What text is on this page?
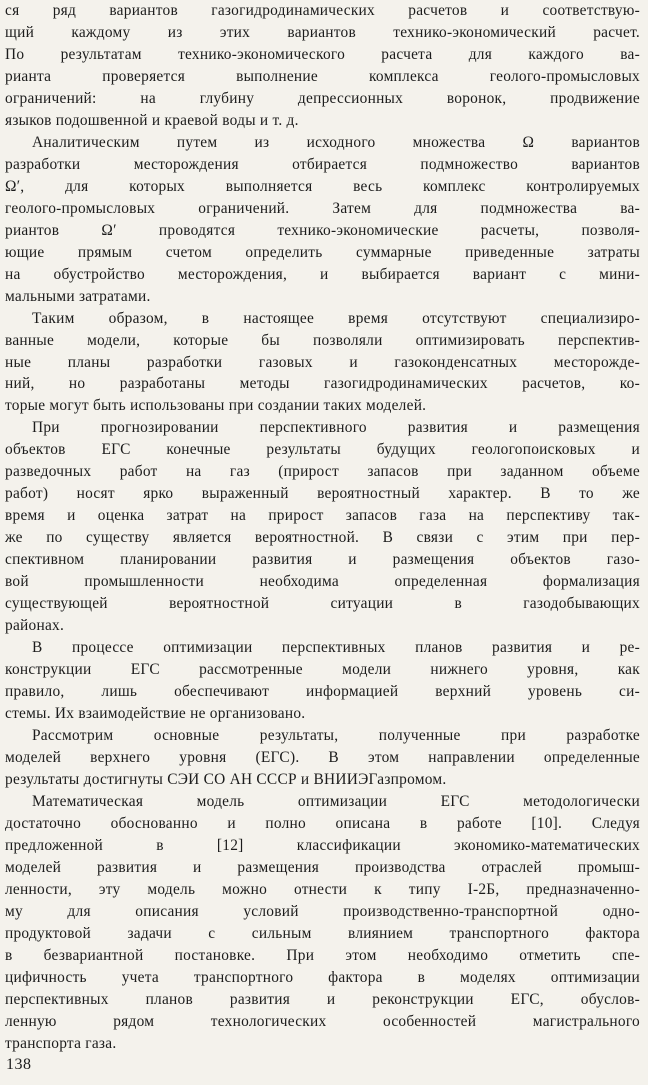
ся ряд вариантов газогидродинамических расчетов и соответствую-
щий каждому из этих вариантов технико-экономический расчет.
По результатам технико-экономического расчета для каждого ва-
рианта проверяется выполнение комплекса геолого-промысловых
ограничений: на глубину депрессионных воронок, продвижение
языков подошвенной и краевой воды и т. д.
Аналитическим путем из исходного множества Ω вариантов
разработки месторождения отбирается подмножество вариантов
Ω′, для которых выполняется весь комплекс контролируемых
геолого-промысловых ограничений. Затем для подмножества ва-
риантов Ω′ проводятся технико-экономические расчеты, позволя-
ющие прямым счетом определить суммарные приведенные затраты
на обустройство месторождения, и выбирается вариант с мини-
мальными затратами.
Таким образом, в настоящее время отсутствуют специализиро-
ванные модели, которые бы позволяли оптимизировать перспектив-
ные планы разработки газовых и газоконденсатных месторожде-
ний, но разработаны методы газогидродинамических расчетов, ко-
торые могут быть использованы при создании таких моделей.
При прогнозировании перспективного развития и размещения
объектов ЕГС конечные результаты будущих геологопоисковых и
разведочных работ на газ (прирост запасов при заданном объеме
работ) носят ярко выраженный вероятностный характер. В то же
время и оценка затрат на прирост запасов газа на перспективу так-
же по существу является вероятностной. В связи с этим при пер-
спективном планировании развития и размещения объектов газо-
вой промышленности необходима определенная формализация
существующей вероятностной ситуации в газодобывающих
районах.
В процессе оптимизации перспективных планов развития и ре-
конструкции ЕГС рассмотренные модели нижнего уровня, как
правило, лишь обеспечивают информацией верхний уровень си-
стемы. Их взаимодействие не организовано.
Рассмотрим основные результаты, полученные при разработке
моделей верхнего уровня (ЕГС). В этом направлении определенные
результаты достигнуты СЭИ СО АН СССР и ВНИИЭГазпромом.
Математическая модель оптимизации ЕГС методологически
достаточно обоснованно и полно описана в работе [10]. Следуя
предложенной в [12] классификации экономико-математических
моделей развития и размещения производства отраслей промыш-
ленности, эту модель можно отнести к типу I-2Б, предназначенно-
му для описания условий производственно-транспортной одно-
продуктовой задачи с сильным влиянием транспортного фактора
в безвариантной постановке. При этом необходимо отметить спе-
цифичность учета транспортного фактора в моделях оптимизации
перспективных планов развития и реконструкции ЕГС, обуслов-
ленную рядом технологических особенностей магистрального
транспорта газа.
138
